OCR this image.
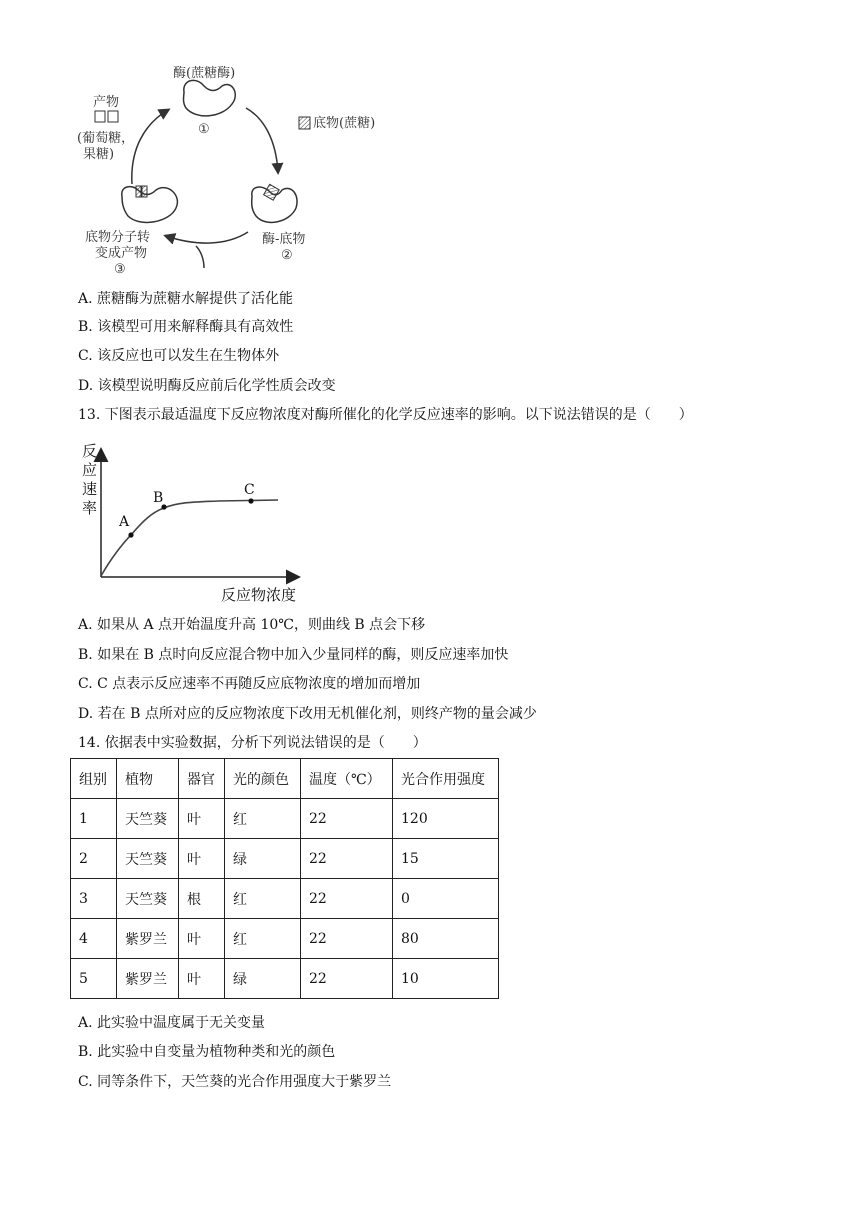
酶(蔗糖酶)
①	底物(蔗糖)
酶-底物
②
产物
(葡萄糖，
果糖)
底物分子转
变成产物
③
A. 蔗糖酶为蔗糖水解提供了活化能
B. 该模型可用来解释酶具有高效性
C. 该反应也可以发生在生物体外
D. 该模型说明酶反应前后化学性质会改变
13. 下图表示最适温度下反应物浓度对酶所催化的化学反应速率的影响。以下说法错误的是（　　）
反
应
速
率
A
B	C
反应物浓度
A. 如果从 A 点开始温度升高 10℃，则曲线 B 点会下移
B. 如果在 B 点时向反应混合物中加入少量同样的酶，则反应速率加快
C. C 点表示反应速率不再随反应底物浓度的增加而增加
D. 若在 B 点所对应的反应物浓度下改用无机催化剂，则终产物的量会减少
14. 依据表中实验数据，分析下列说法错误的是（　　）
组别	植物	器官	光的颜色	温度（℃）	光合作用强度
1	天竺葵	叶	红	22	120
2	天竺葵	叶	绿	22	15
3	天竺葵	根	红	22	0
4	紫罗兰	叶	红	22	80
5	紫罗兰	叶	绿	22	10
A. 此实验中温度属于无关变量
B. 此实验中自变量为植物种类和光的颜色
C. 同等条件下，天竺葵的光合作用强度大于紫罗兰
